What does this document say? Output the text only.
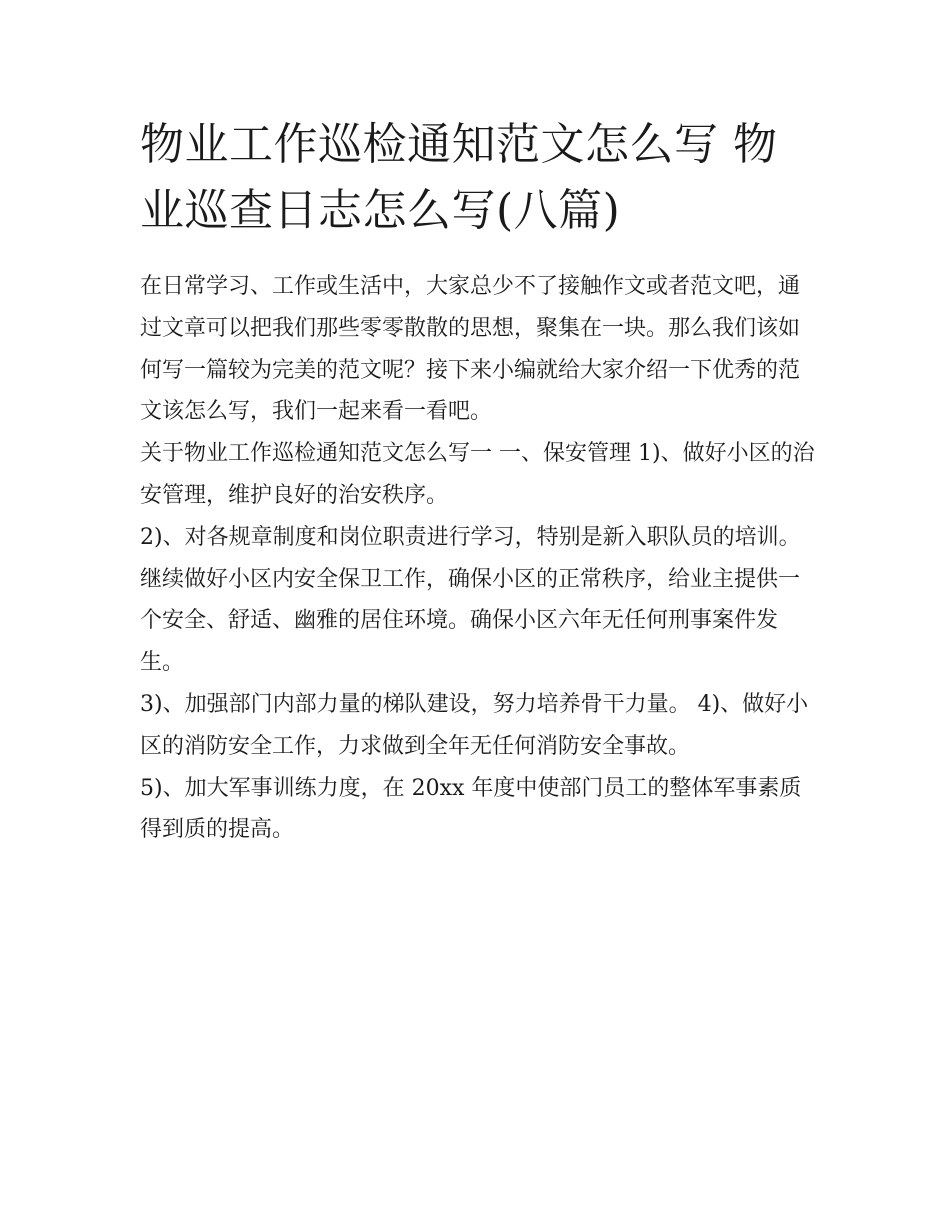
物业工作巡检通知范文怎么写 物业巡查日志怎么写(八篇)

在日常学习、工作或生活中，大家总少不了接触作文或者范文吧，通过文章可以把我们那些零零散散的思想，聚集在一块。那么我们该如何写一篇较为完美的范文呢？接下来小编就给大家介绍一下优秀的范文该怎么写，我们一起来看一看吧。

关于物业工作巡检通知范文怎么写一 一、保安管理 1)、做好小区的治安管理，维护良好的治安秩序。

2)、对各规章制度和岗位职责进行学习，特别是新入职队员的培训。

继续做好小区内安全保卫工作，确保小区的正常秩序，给业主提供一个安全、舒适、幽雅的居住环境。确保小区六年无任何刑事案件发生。

3)、加强部门内部力量的梯队建设，努力培养骨干力量。 4)、做好小区的消防安全工作，力求做到全年无任何消防安全事故。

5)、加大军事训练力度，在 20xx 年度中使部门员工的整体军事素质得到质的提高。
